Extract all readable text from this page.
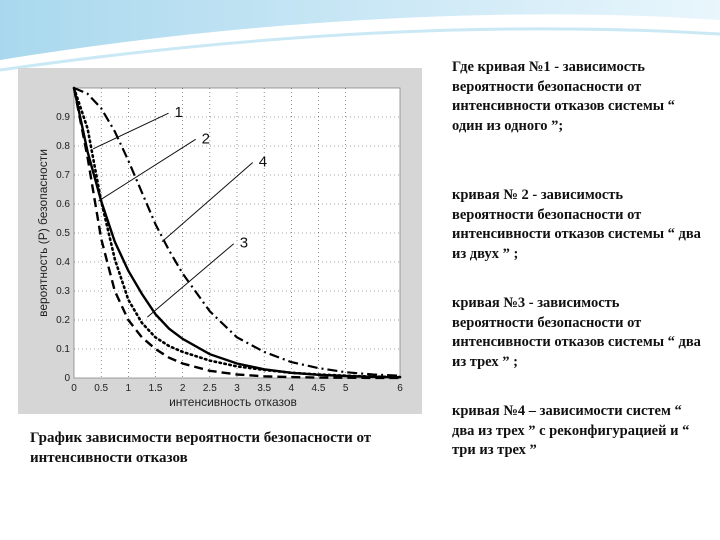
0 0.5 1 1.5 2 2.5 3 3.5 4 4.5 5	6
0
0.1
0.2
0.3
0.4
0.5
0.6
0.7
0.8
0.9	1
2
4
3
вероятность (Р) безопасности
интенсивность отказов
График зависимости вероятности безопасности от интенсивности отказов
Где кривая №1 - зависимость вероятности безопасности от интенсивности отказов системы “ один из одного ”;
кривая № 2 - зависимость вероятности безопасности от интенсивности отказов системы “ два из двух ” ;
кривая №3 - зависимость вероятности безопасности от интенсивности отказов системы “ два из трех ” ;
кривая №4 – зависимости систем “ два из трех ” с реконфигурацией и “ три из трех ”
